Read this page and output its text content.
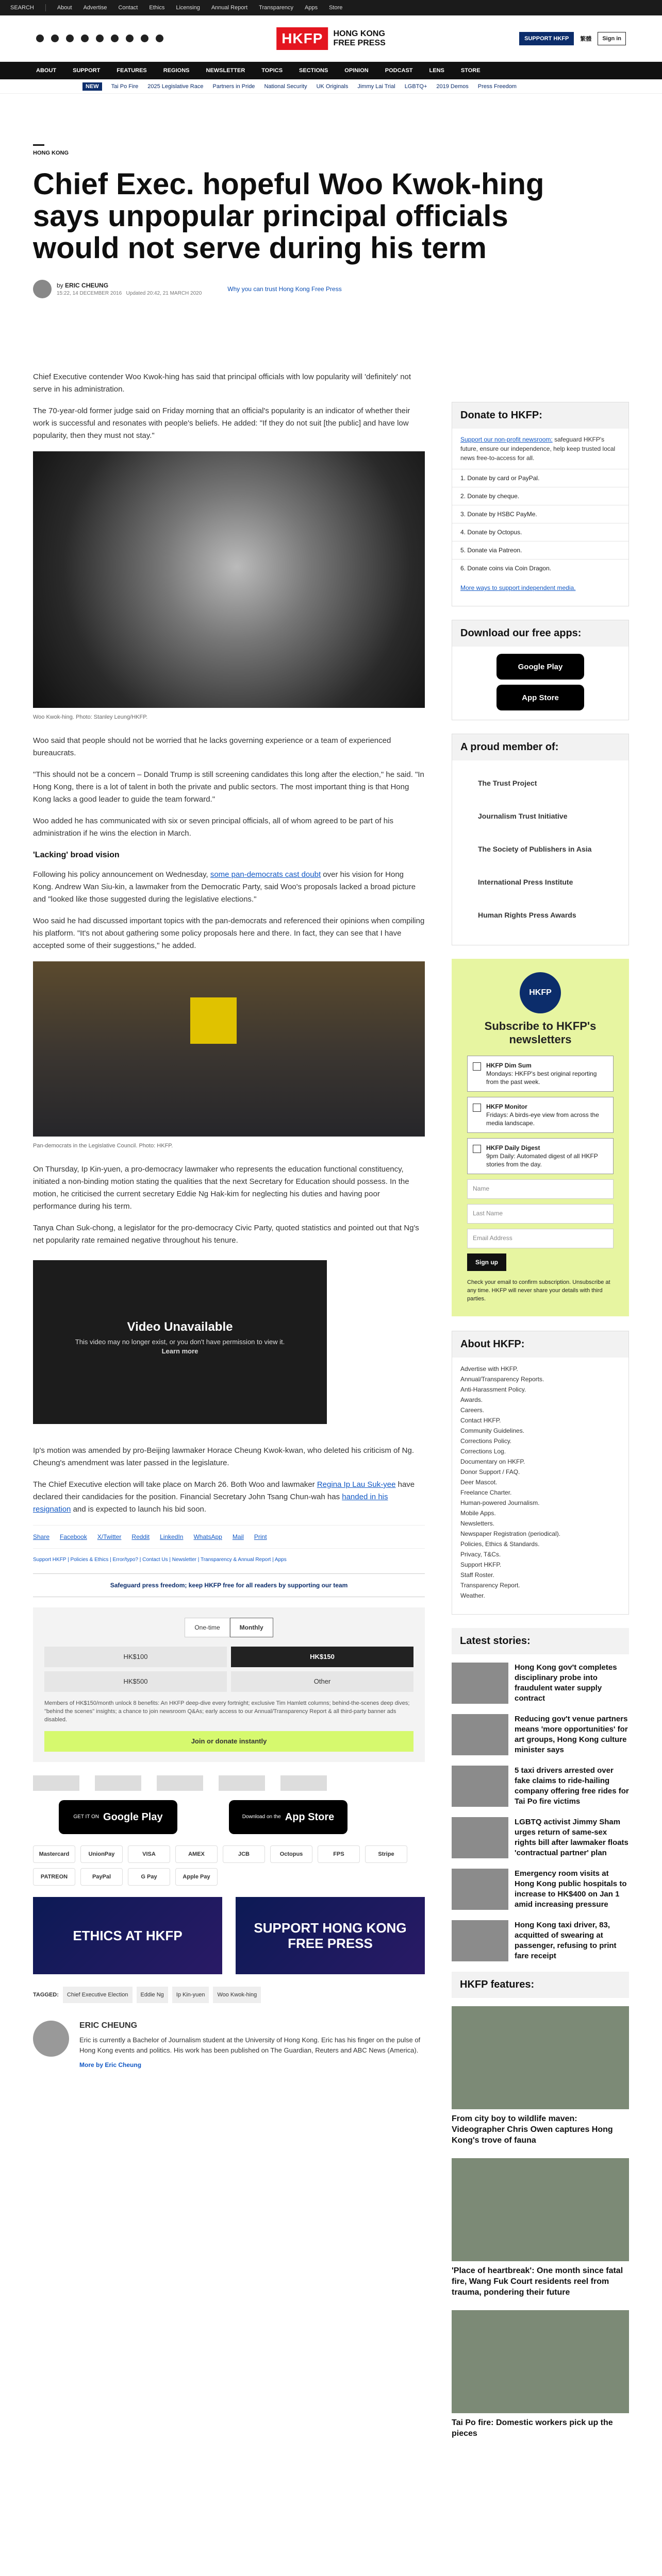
SEARCH	About Advertise Contact Ethics Licensing Annual Report Transparency Apps Store
HKFP	HONG KONG
FREE PRESS	SUPPORT HKFP	繁體	Sign in
ABOUT	SUPPORT	FEATURES	REGIONS	NEWSLETTER	TOPICS	SECTIONS	OPINION	PODCAST	LENS	STORE
NEW	Tai Po Fire 2025 Legislative Race Partners in Pride National Security UK Originals Jimmy Lai Trial LGBTQ+ 2019 Demos Press Freedom
HONG KONG
Chief Exec. hopeful Woo Kwok-hing says unpopular principal officials would not serve during his term
by ERIC CHEUNG
15:22, 14 DECEMBER 2016 Updated 20:42, 21 MARCH 2020
Why you can trust Hong Kong Free Press

Chief Executive contender Woo Kwok-hing has said that principal officials with low popularity will 'definitely' not serve in his administration.

The 70-year-old former judge said on Friday morning that an official's popularity is an indicator of whether their work is successful and resonates with people's beliefs. He added: "If they do not suit [the public] and have low popularity, then they must not stay."

Woo Kwok-hing. Photo: Stanley Leung/HKFP.

Woo said that people should not be worried that he lacks governing experience or a team of experienced bureaucrats.

"This should not be a concern – Donald Trump is still screening candidates this long after the election," he said. "In Hong Kong, there is a lot of talent in both the private and public sectors. The most important thing is that Hong Kong lacks a good leader to guide the team forward."

Woo added he has communicated with six or seven principal officials, all of whom agreed to be part of his administration if he wins the election in March.

'Lacking' broad vision

Following his policy announcement on Wednesday, some pan-democrats cast doubt over his vision for Hong Kong. Andrew Wan Siu-kin, a lawmaker from the Democratic Party, said Woo's proposals lacked a broad picture and "looked like those suggested during the legislative elections."

Woo said he had discussed important topics with the pan-democrats and referenced their opinions when compiling his platform. "It's not about gathering some policy proposals here and there. In fact, they can see that I have accepted some of their suggestions," he added.

Pan-democrats in the Legislative Council. Photo: HKFP.

On Thursday, Ip Kin-yuen, a pro-democracy lawmaker who represents the education functional constituency, initiated a non-binding motion stating the qualities that the next Secretary for Education should possess. In the motion, he criticised the current secretary Eddie Ng Hak-kim for neglecting his duties and having poor performance during his term.

Tanya Chan Suk-chong, a legislator for the pro-democracy Civic Party, quoted statistics and pointed out that Ng's net popularity rate remained negative throughout his tenure.

Video Unavailable
This video may no longer exist, or you don't have permission to view it.
Learn more

Ip's motion was amended by pro-Beijing lawmaker Horace Cheung Kwok-kwan, who deleted his criticism of Ng. Cheung's amendment was later passed in the legislature.

The Chief Executive election will take place on March 26. Both Woo and lawmaker Regina Ip Lau Suk-yee have declared their candidacies for the position. Financial Secretary John Tsang Chun-wah has handed in his resignation and is expected to launch his bid soon.

Share Facebook X/Twitter Reddit LinkedIn WhatsApp Mail Print
Support HKFP | Policies & Ethics | Error/typo? | Contact Us | Newsletter | Transparency & Annual Report | Apps
Safeguard press freedom; keep HKFP free for all readers by supporting our team
One-time	Monthly
HK$100	HK$150
HK$500	Other
Members of HK$150/month unlock 8 benefits: An HKFP deep-dive every fortnight; exclusive Tim Hamlett columns; behind-the-scenes deep dives; "behind the scenes" insights; a chance to join newsroom Q&As; early access to our Annual/Transparency Report & all third-party banner ads disabled.
Join or donate instantly
GET IT ON Google Play	Download on the App Store
Mastercard	UnionPay	VISA	AMEX	JCB	Octopus	FPS	Stripe
PATREON	PayPal	G Pay	Apple Pay
ETHICS AT HKFP	SUPPORT HONG KONG FREE PRESS
TAGGED:	Chief Executive Election	Eddie Ng	Ip Kin-yuen	Woo Kwok-hing
ERIC CHEUNG

Eric is currently a Bachelor of Journalism student at the University of Hong Kong. Eric has his finger on the pulse of Hong Kong events and politics. His work has been published on The Guardian, Reuters and ABC News (America).

More by Eric Cheung
Donate to HKFP:
Support our non-profit newsroom: safeguard HKFP's future, ensure our independence, help keep trusted local news free-to-access for all.
1. Donate by card or PayPal.
2. Donate by cheque.
3. Donate by HSBC PayMe.
4. Donate by Octopus.
5. Donate via Patreon.
6. Donate coins via Coin Dragon.
More ways to support independent media.
Download our free apps:
Google Play
App Store
A proud member of:
The Trust Project
Journalism Trust Initiative
The Society of Publishers in Asia
International Press Institute
Human Rights Press Awards
HKFP
Subscribe to HKFP's newsletters
HKFP Dim Sum
Mondays: HKFP's best original reporting from the past week.
HKFP Monitor
Fridays: A birds-eye view from across the media landscape.
HKFP Daily Digest
9pm Daily: Automated digest of all HKFP stories from the day.
Name
Last Name
Email Address
Sign up
Check your email to confirm subscription. Unsubscribe at any time. HKFP will never share your details with third parties.
About HKFP:
Advertise with HKFP.
Annual/Transparency Reports.
Anti-Harassment Policy.
Awards.
Careers.
Contact HKFP.
Community Guidelines.
Corrections Policy.
Corrections Log.
Documentary on HKFP.
Donor Support / FAQ.
Deer Mascot.
Freelance Charter.
Human-powered Journalism.
Mobile Apps.
Newsletters.
Newspaper Registration (periodical).
Policies, Ethics & Standards.
Privacy, T&Cs.
Support HKFP.
Staff Roster.
Transparency Report.
Weather.
Latest stories:
Hong Kong gov't completes disciplinary probe into fraudulent water supply contract
Reducing gov't venue partners means 'more opportunities' for art groups, Hong Kong culture minister says
5 taxi drivers arrested over fake claims to ride-hailing company offering free rides for Tai Po fire victims
LGBTQ activist Jimmy Sham urges return of same-sex rights bill after lawmaker floats 'contractual partner' plan
Emergency room visits at Hong Kong public hospitals to increase to HK$400 on Jan 1 amid increasing pressure
Hong Kong taxi driver, 83, acquitted of swearing at passenger, refusing to print fare receipt
HKFP features:
From city boy to wildlife maven: Videographer Chris Owen captures Hong Kong's trove of fauna
'Place of heartbreak': One month since fatal fire, Wang Fuk Court residents reel from trauma, pondering their future
Tai Po fire: Domestic workers pick up the pieces
